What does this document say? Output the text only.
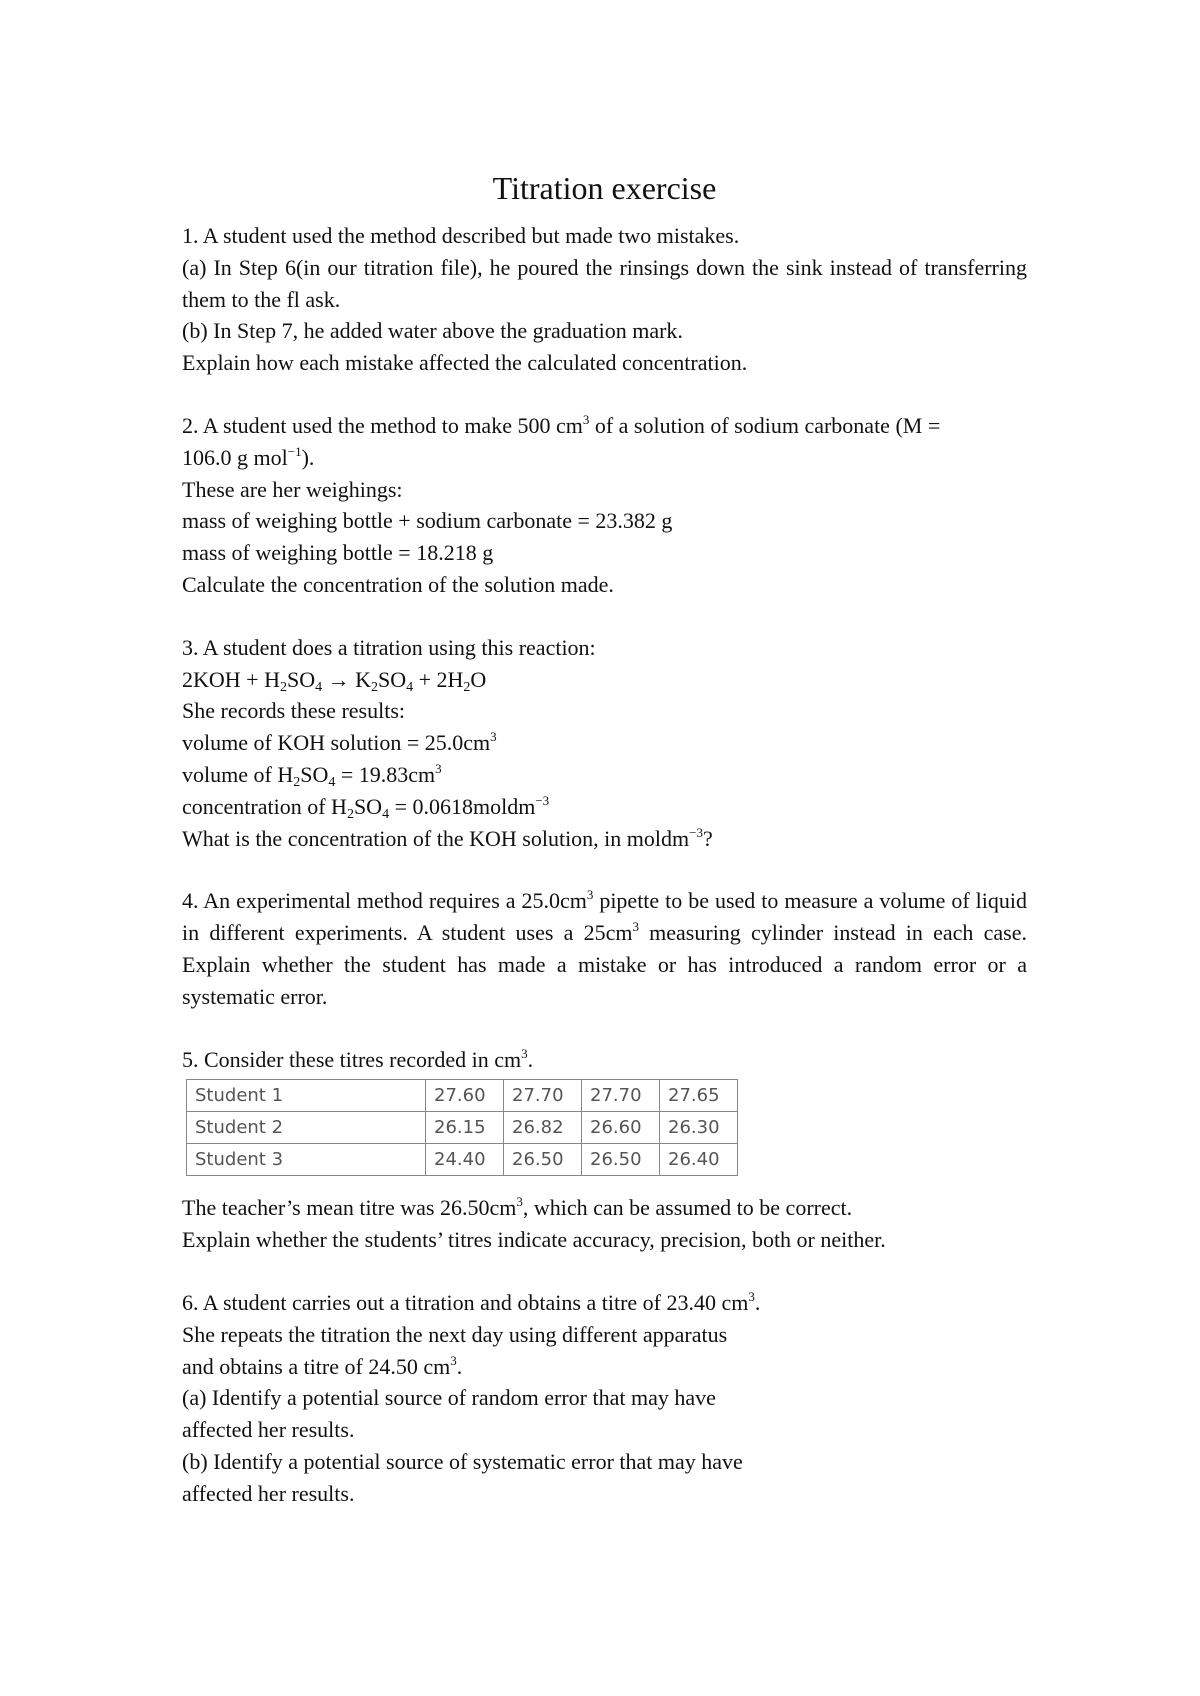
Titration exercise
1. A student used the method described but made two mistakes.
(a) In Step 6(in our titration file), he poured the rinsings down the sink instead of transferring them to the fl ask.
(b) In Step 7, he added water above the graduation mark.
Explain how each mistake affected the calculated concentration.
2. A student used the method to make 500 $cm^3$ of a solution of sodium carbonate (M =
106.0 g mol$^{-1}$).
These are her weighings:
mass of weighing bottle + sodium carbonate = 23.382 g
mass of weighing bottle = 18.218 g
Calculate the concentration of the solution made.
3. A student does a titration using this reaction:
$2KOH + H_2SO_4 \to K_2SO_4 + 2H_2O$
She records these results:
volume of KOH solution = $25.0cm^3$
volume of $H_2SO_4 = 19.83cm^3$
concentration of $H_2SO_4$ = 0.0618moldm$^{-3}$
What is the concentration of the KOH solution, in moldm$^{-3}$?
4. An experimental method requires a $25.0cm^3$ pipette to be used to measure a volume of liquid in different experiments. A student uses a $25cm^3$ measuring cylinder instead in each case. Explain whether the student has made a mistake or has introduced a random error or a systematic error.
5. Consider these titres recorded in $cm^3$.
Student 1	27.60	27.70	27.70	27.65
Student 2	26.15	26.82	26.60	26.30
Student 3	24.40	26.50	26.50	26.40
The teacher’s mean titre was $26.50cm^3$, which can be assumed to be correct.
Explain whether the students’ titres indicate accuracy, precision, both or neither.
6. A student carries out a titration and obtains a titre of 23.40 $cm^3$.
She repeats the titration the next day using different apparatus
and obtains a titre of 24.50 $cm^3$.
(a) Identify a potential source of random error that may have
affected her results.
(b) Identify a potential source of systematic error that may have
affected her results.
